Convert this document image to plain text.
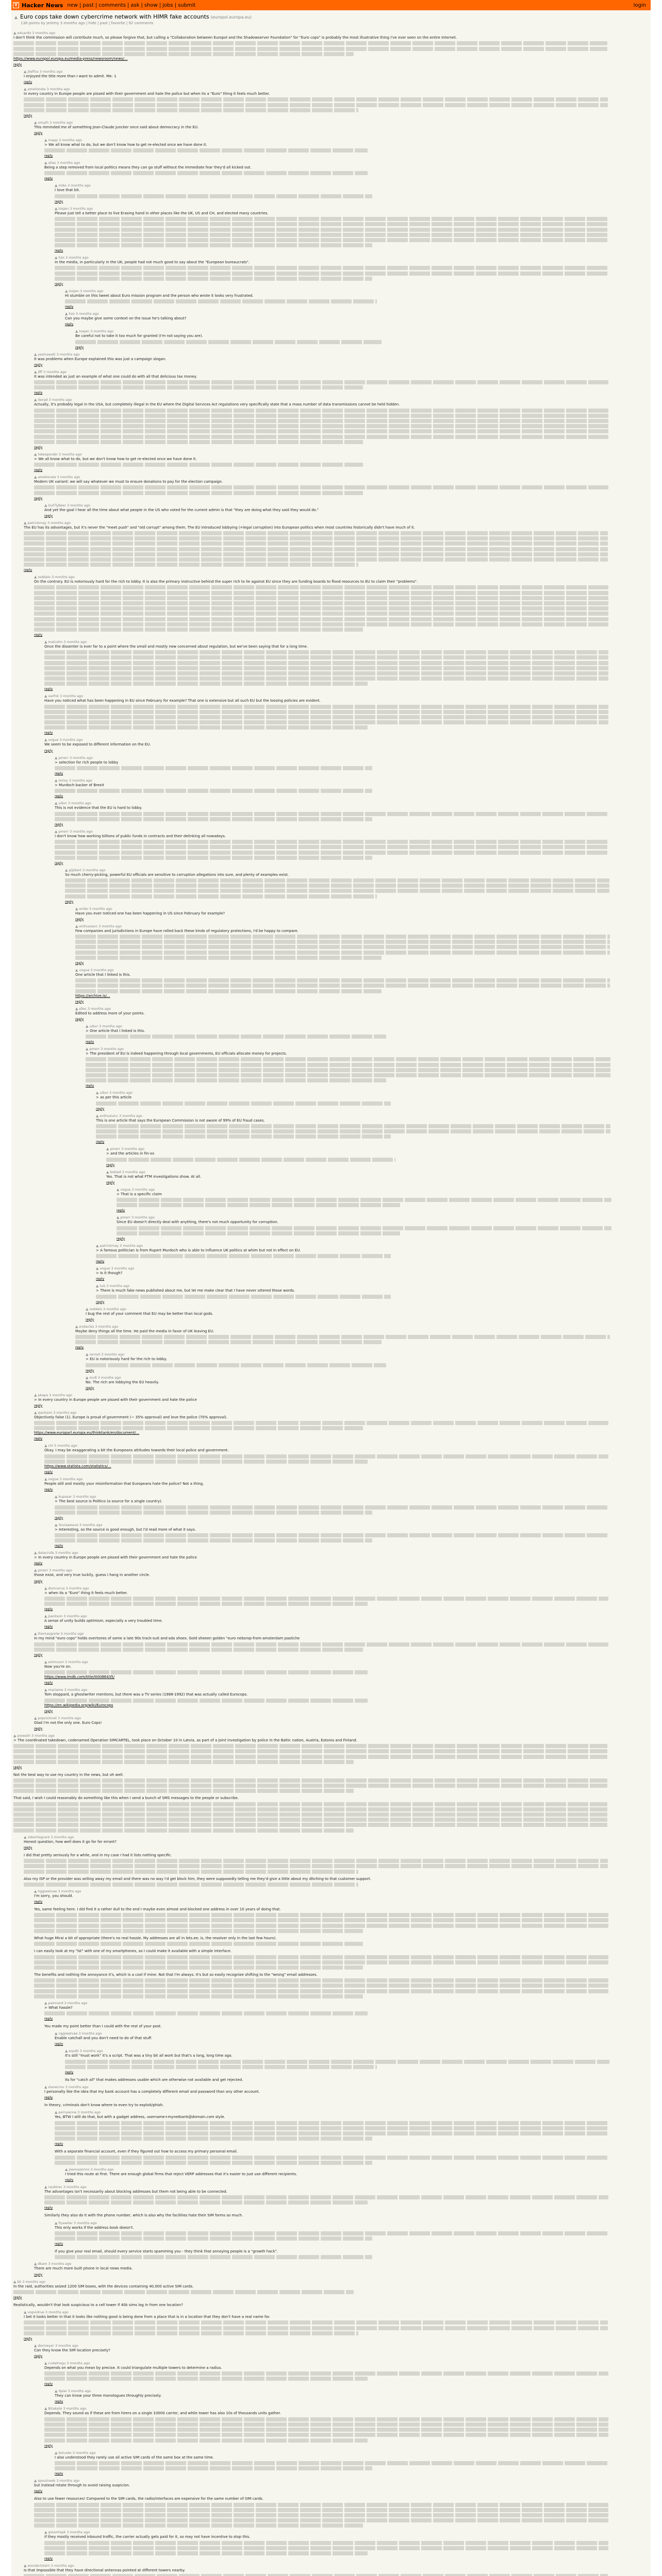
Y Hacker News new | past | comments | ask | show | jobs | submit	login
▲ Euro cops take down cybercrime network with HIMR fake accounts (europol.europa.eu)
138 points by jeremy 3 months ago | hide | past | favorite | 92 comments
▲ eduardo 3 months ago
I don't think the commission will contribute much, so please forgive that, but calling a "Collaboration between Europol and the Shadowserver Foundation" for "Euro cops" is probably the most illustrative thing I've ever seen on the entire Internet.
https://www.europol.europa.eu/media-press/newsroom/news/...
reply
▲ jkeffus 3 months ago
I enjoyed the title more than I want to admit. Me: 1
reply
▲ ameliorate 3 months ago
In every country in Europe people are pissed with their government and hate the police but when its a "Euro" thing it feels much better.
reply
▲ xmyth 3 months ago
This reminded me of something Jean-Claude Juncker once said about democracy in the EU.
reply
▲ mapp 3 months ago
> We all know what to do, but we don't know how to get re-elected once we have done it.
reply
▲ alias 3 months ago
Being a step removed from local politics means they can go stuff without the immediate fear they'd all kicked out.
reply
▲ mike 3 months ago
I love that bit.
reply
▲ tosjen 3 months ago
Please just tell a better place to live Erasing hand in other places like the UK, US and CH, and elected many countries.
reply
▲ hzo 3 months ago
In the media, in particularly in the UK, people had not much good to say about the "European bureaucrats".
reply
▲ tosjen 3 months ago
Hi stumble on this tweet about Euro mission program and the person who wrote it looks very frustrated.
reply
▲ hzo 3 months ago
Can you maybe give some context on the issue he's talking about?
reply
▲ tosjen 3 months ago
Be careful not to take it too much for granted (I'm not saying you are).
reply
▲ yesinaeatt 3 months ago
It was problems when Europe explained this was just a campaign slogan.
reply
▲ jfff 3 months ago
It was intended as just an example of what one could do with all that delicious tax money.
reply
▲ iterad 3 months ago
Actually, it's probably legal in the USA, but completely illegal in the EU where the Digital Services Act regulations very specifically state that a mass number of data transmissions cannot be held hidden.
reply
▲ hdwsperabr 3 months ago
> We all know what to do, but we don't know how to get re-elected once we have done it.
reply
▲ ameliorate 3 months ago
Modern UK variant: we will say whatever we must to ensure donations to pay for the election campaign.
reply
▲ GuFTyBeer 3 months ago
And yet the goal I hear all the time about what people in the US who voted for the current admin is that "they are doing what they said they would do."
reply
▲ patrickmay 3 months ago
The EU has its advantages, but it's never the "meet push" and "old corrupt" among them. The EU introduced lobbying (=legal corruption) into European politics when most countries historically didn't have much of it.
reply
▲ reddalo 3 months ago
On the contrary. EU is notoriously hard for the rich to lobby. It is also the primary instructive behind the super rich to lie against EU since they are funding boards to flood resources to EU to claim their "problems".
reply
▲ malcolm 3 months ago
Once the dissenter is ever far to a point where the small and mostly new concerned about regulation, but we've been saying that for a long time.
reply
▲ xarfnk 3 months ago
Have you noticed what has been happening in EU since February for example? That one is extensive but all such EU but the loosing policies are evident.
reply
▲ vogue 3 months ago
We seem to be exposed to different information on the EU.
reply
▲ pmerr 3 months ago
> selection for rich people to lobby
reply
▲ mirey 3 months ago
> Murdoch backer of Brexit
reply
▲ uibvr 3 months ago
This is not evidence that the EU is hard to lobby.
reply
▲ pmerr 3 months ago
I don't know how working billions of public funds in contracts and their delinking all nowadays.
reply
▲ gijsbert 3 months ago
So much cherry-picking, powerful EU officials are sensitive to corruption allegations into sure, and plenty of examples exist.
reply
▲ eniko 3 months ago
Have you ever noticed one has been happening in US since February for example?
reply
▲ enthusianc 3 months ago
Few companies and jurisdictions in Europe have rolled back these kinds of regulatory protections, I'd be happy to compare.
reply
▲ vogue 3 months ago
One article that I linked is this.
https://archive.is/...
reply
▲ sllec 3 months ago
Edited to address more of your points.
reply
▲ uibvr 3 months ago
> One article that I linked is this.
reply
▲ pmerr 3 months ago
> The president of EU is indeed happening through local governments, EU officials allocate money for projects.
reply
▲ uibvr 3 months ago
> as per this article
reply
▲ enthusianc 3 months ago
This is one article that says the European Commission is not aware of 99% of EU fraud cases.
reply
▲ pmerr 3 months ago
> and the articles in fin-xx
reply
▲ bokwd 3 months ago
Yes. That is not what FTM investigations show. At all.
reply
▲ vogue 3 months ago
> That is a specific claim
reply
▲ pmerr 3 months ago
Since EU doesn't directly deal with anything, there's not much opportunity for corruption.
reply
▲ patrickmay 3 months ago
> A famous politician is from Rupert Murdoch who is able to influence UK politics at whim but not in effect on EU.
reply
▲ vogue 3 months ago
> Is it though?
reply
▲ luiz 3 months ago
> There is much fake news published about me, but let me make clear that I have never uttered those words.
reply
▲ reddalo 3 months ago
I bug the rest of your comment that EU may be better than local gods.
reply
▲ endacles 3 months ago
Maybe deny things all the time. He paid the media in favor of UK leaving EU.
reply
▲ rerneil 3 months ago
> EU is notoriously hard for the rich to lobby.
reply
▲ mv8 3 months ago
No. The rich are lobbying the EU heavily.
reply
▲ pkapa 3 months ago
> In every country in Europe people are pissed with their government and hate the police
reply
▲ sjackson 3 months ago
Objectively false (1). Europe is proud of government (~ 35% approval) and love the police (70% approval).
https://www.europarl.europa.eu/thinktank/en/document/...
reply
▲ chl 3 months ago
Okay. I may be exaggerating a bit the Europeans attitudes towards their local police and government.
https://www.statista.com/statistics/...
reply
▲ vogue 3 months ago
People still and mostly your misinformation that Europeans hate the police? Not a thing.
reply
▲ kupasar 3 months ago
> The best source is Politico (a source for a single country).
reply
▲ iloviaweave 3 months ago
> Interesting, so the source is good enough, but I'd read more of what it says.
reply
▲ datacrufe 3 months ago
> In every country in Europe people are pissed with their government and hate the police
reply
▲ pmerr 3 months ago
those exist, and very true luckily, guess I hang in another circle.
reply
▲ domcerus 3 months ago
> when its a "Euro" thing it feels much better.
reply
▲ jsackson 3 months ago
A sense of unity builds optimism, especially a very troubled time.
reply
▲ thomasgrelw 3 months ago
In my mind "euro cops" holds overtones of some a late 90s track-suit and-sda shoes. Gold sheeen golden "euro nebsrop-from-amsterdam pastiche
reply
▲ eohnoum 3 months ago
Now you're on.
https://www.imdb.com/title/tt0086435/
reply
▲ mariame 3 months ago
Tom stoppard, a ghostwriter mentions, but there was a TV series (1988-1992) that was actually called Eurocops.
https://en.wikipedia.org/wiki/Eurocops
reply
▲ poprocknet 3 months ago
Glad I'm not the only one. Euro Cops!
reply
▲ piewallr 3 months ago
> The coordinated takedown, codenamed Operation SIMCARTEL, took place on October 10 in Latvia, as part of a joint investigation by police in the Baltic nation, Austria, Estonia and Finland.
reply
Not the best way to use my country in the news, but oh well.
That said, I wish I could reasonably do something like this when I send a bunch of SMS messages to the people or subscribe.
▲ robertlagrant 3 months ago
Honest question, how well does it go for for errant?
reply
I did that pretty seriously for a while, and in my case I had it lists nothing specific.
Also my ISP or the provider was selling away my email and there was no way I'd get block him, they were supposedly telling me they'd give a little about my ditching to that customer support.
▲ hggiwelvae 3 months ago
I'm sorry, you should.
reply
Yes, same feeling here. I did find it a rather dull to the end I maybe even almost and blocked one address in over 10 years of doing that.
What huge Mirai a bit of appropriate (there's no real hassle. My addresses are all in lets.ee; is, the resolver only in the last few hours).
I can easily look at my "lst" with one of my smartphones, so I could make it available with a simple interface.
The benefits and nothing the annoyance it's, which is a cool if mine. Not that I'm always. It's but so easily recognize shifting to the "wrong" email addresses.
▲ pamnard 3 months ago
> What hassle?
reply
You made my point better than I could with the rest of your post.
▲ nggiwelvae 3 months ago
Enable catchall and you don't need to do of that stuff.
reply
▲ erpdit 3 months ago
It's still "must work" it's a script. That was a tiny bit all work but that's a long, long time ago.
reply
Its for "catch all" that makes addresses usable which are otherwise not available and get rejected.
▲ slanecrov 3 months ago
I personally like the idea that my bank account has a completely different email and password than any other account.
reply
In theory, criminals don't know where to even try to exploit/phish.
▲ pornyanne 3 months ago
Yes, BTW I still do that, but with a gadget address, username+mynetbank@domain.com style.
reply
With a separate financial account, even if they figured out how to access my primary personal email.
▲ joemazerino 3 months ago
I tried this route at first. There are enough global firms that reject VERP addresses that it's easier to just use different recipients.
reply
▲ raubtrec 3 months ago
The advantages isn't necessarily about blocking addresses but them not being able to be connected.
reply
Similarly they also do it with the phone number, which is also why the facilities hate their SIM forms so much.
▲ fiyawiler 3 months ago
This only works if the address book doesn't.
reply
If you give your real email, should every service starts spamming you - they think that annoying people is a "growth hack".
▲ dkam 3 months ago
There are much more built phone in local news media.
reply
▲ bk 3 months ago
In the raid, authorities seized 1200 SIM boxes, with the devices containing 40,000 active SIM cards.
reply
Realistically, wouldn't that look suspicious to a cell tower if 40k sims log in from one location?
▲ vopvidrue 3 months ago
I bet it looks better in that it looks like nothing good is being done from a place that is in a location that they don't have a real name for.
reply
▲ dermeyer 3 months ago
Can they know the SIM location precisely?
reply
▲ cudalnogu 3 months ago
Depends on what you mean by precise. It could triangulate multiple towers to determine a radius.
reply
▲ ltpiei 3 months ago
They can know your three monologues throughly precisely.
reply
▲ Bitakate 3 months ago
Depends. They sound as if these are from hirers on a single 10000 carrier, and while tower has also 10s of thousands units gather.
reply
▲ koluxdo 3 months ago
I also understood they rarely use all active SIM cards of the same box at the same time.
reply
▲ spoutneek 3 months ago
but instead rotate through to avoid raising suspicion.
reply
Also to use fewer resources! Compared to the SIM cards, the radio/interfaces are expensive for the same number of SIM cards.
▲ gstamlopk 3 months ago
If they mostly received inbound traffic, the carrier actually gets paid for it, so may not have incentive to stop this.
reply
▲ wonderintern 3 months ago
Is that impossible that they have directional antennas pointed at different towers nearby.
